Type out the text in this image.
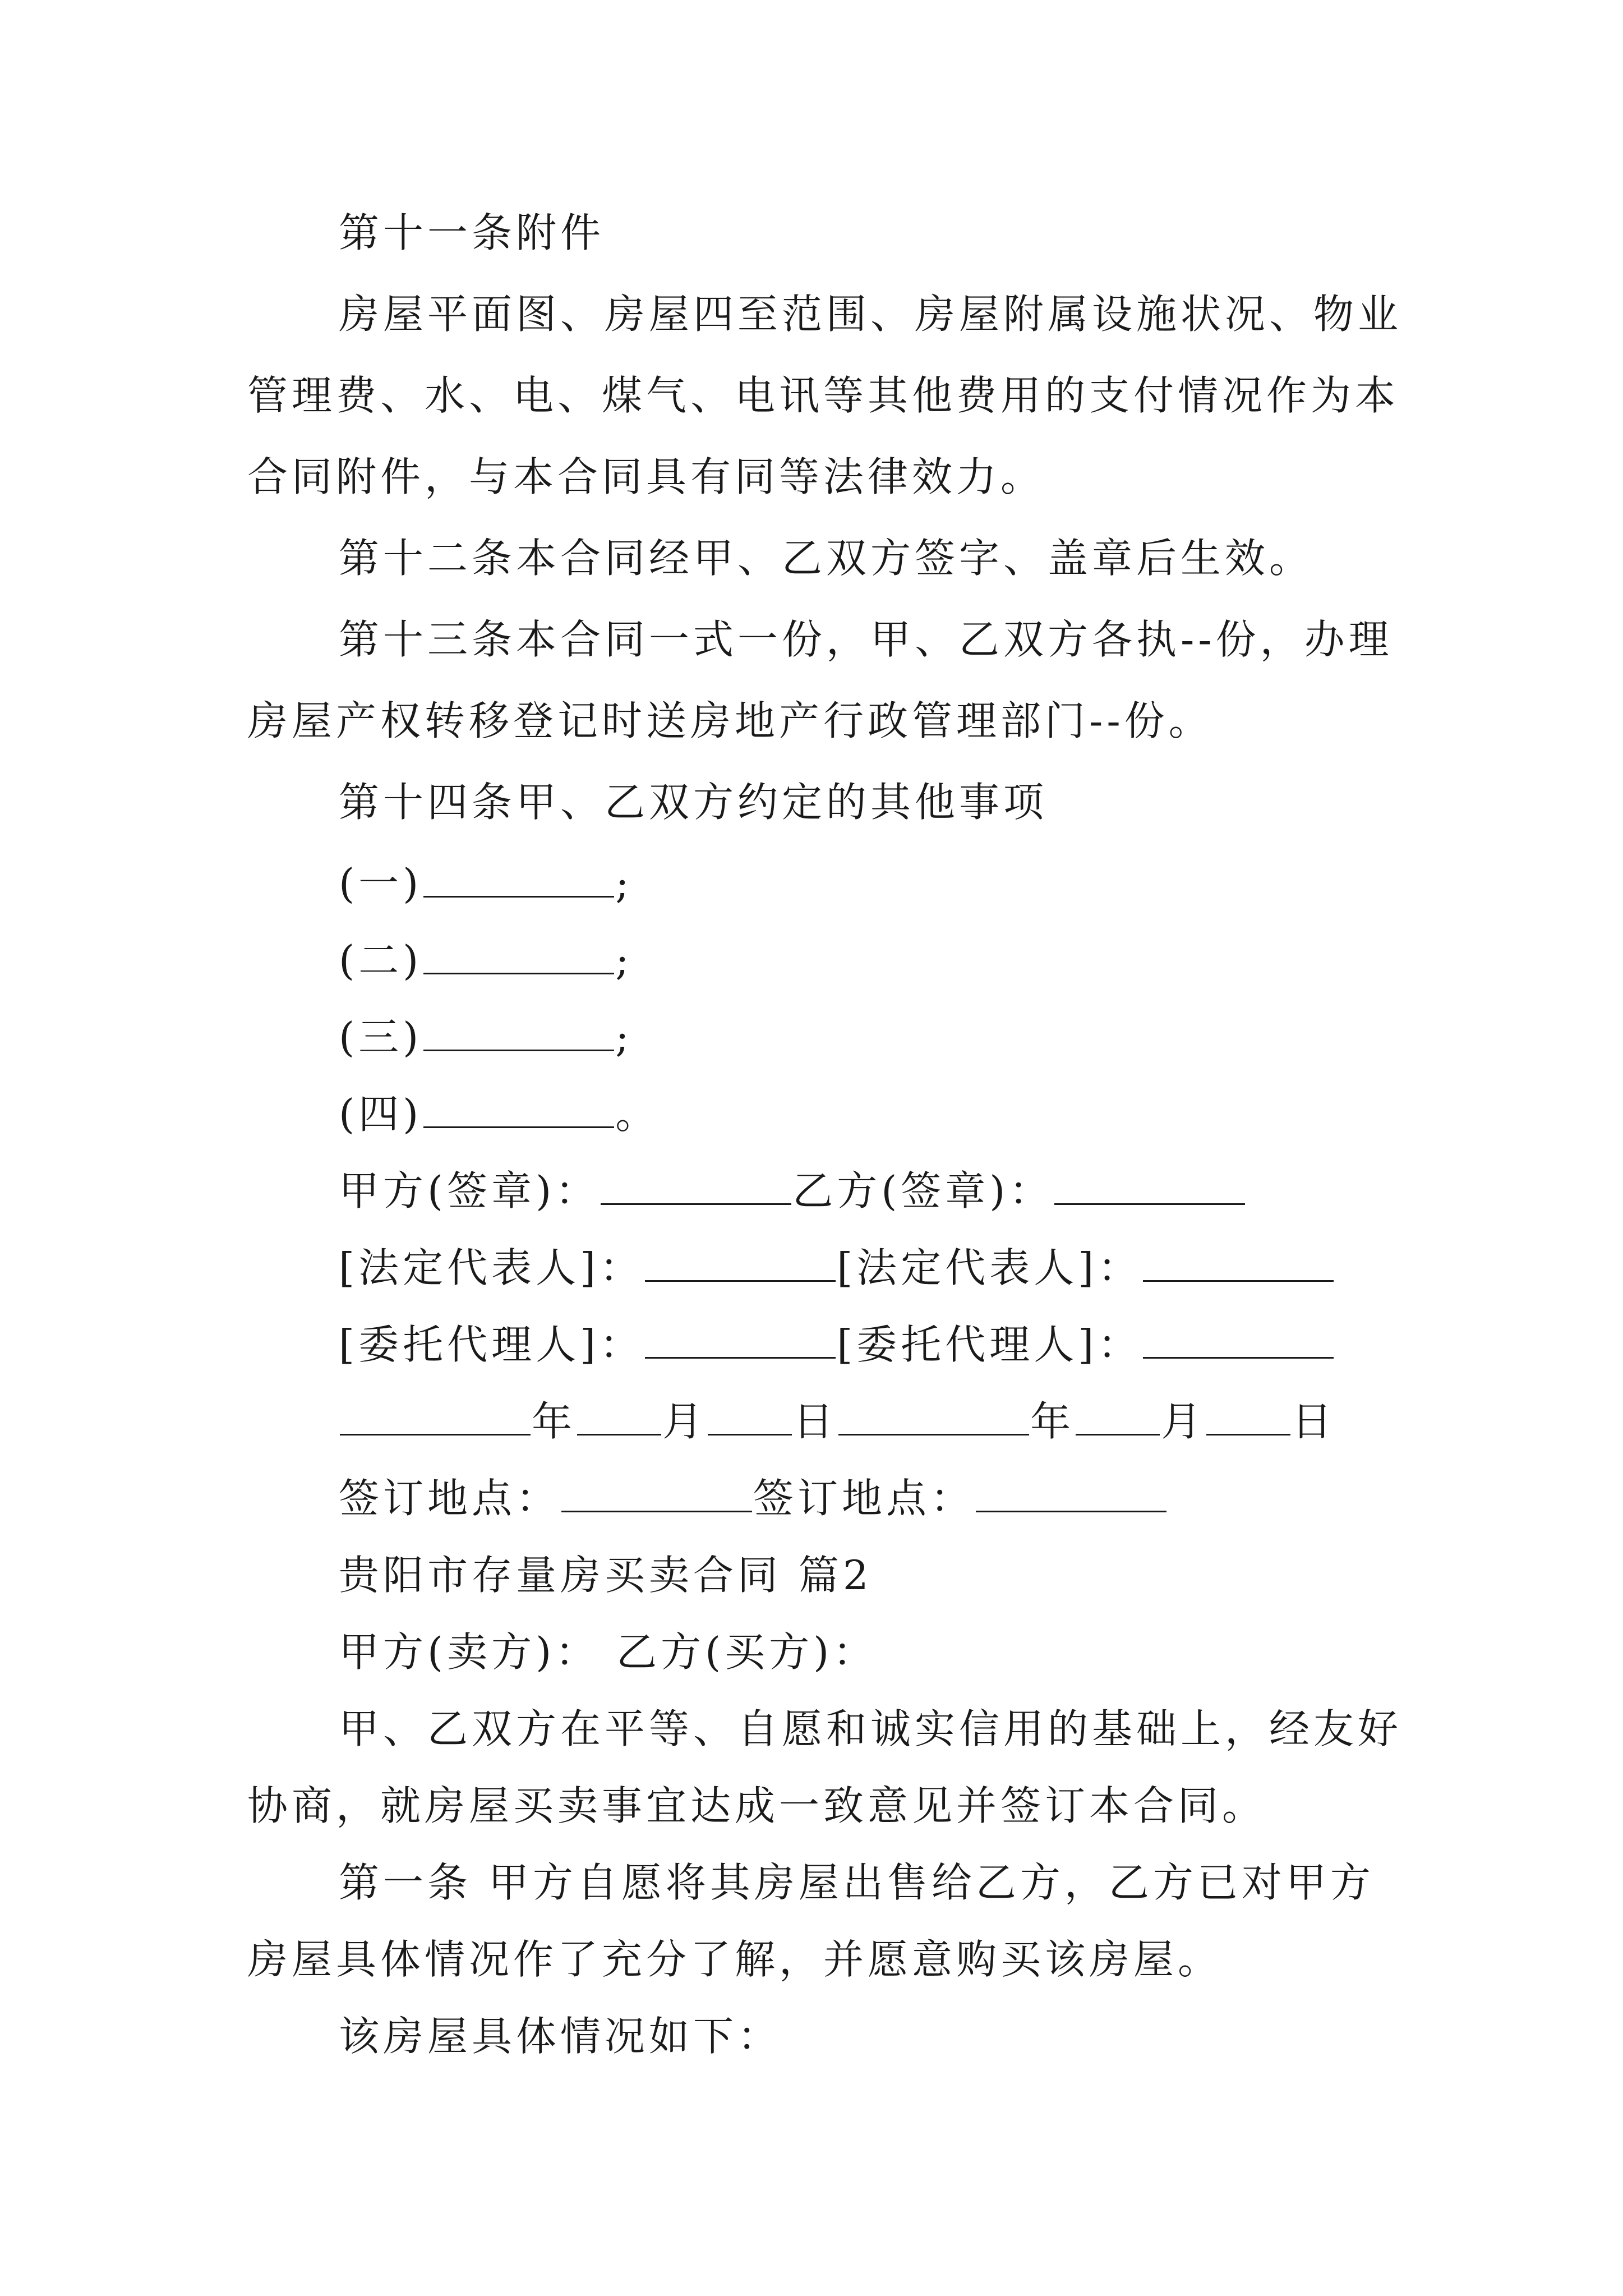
第十一条附件
房屋平面图、房屋四至范围、房屋附属设施状况、物业
管理费、水、电、煤气、电讯等其他费用的支付情况作为本
合同附件，与本合同具有同等法律效力。
第十二条本合同经甲、乙双方签字、盖章后生效。
第十三条本合同一式一份，甲、乙双方各执--份，办理
房屋产权转移登记时送房地产行政管理部门--份。
第十四条甲、乙双方约定的其他事项
(一)	;
(二)	;
(三)	;
(四)	。
甲方(签章)：	乙方(签章)：
[法定代表人]：	[法定代表人]：
[委托代理人]：	[委托代理人]：
年 月 日	年 月 日
签订地点：	签订地点：
贵阳市存量房买卖合同 篇2
甲方(卖方)： 乙方(买方)：
甲、乙双方在平等、自愿和诚实信用的基础上，经友好
协商，就房屋买卖事宜达成一致意见并签订本合同。
第一条 甲方自愿将其房屋出售给乙方，乙方已对甲方
房屋具体情况作了充分了解，并愿意购买该房屋。
该房屋具体情况如下：
